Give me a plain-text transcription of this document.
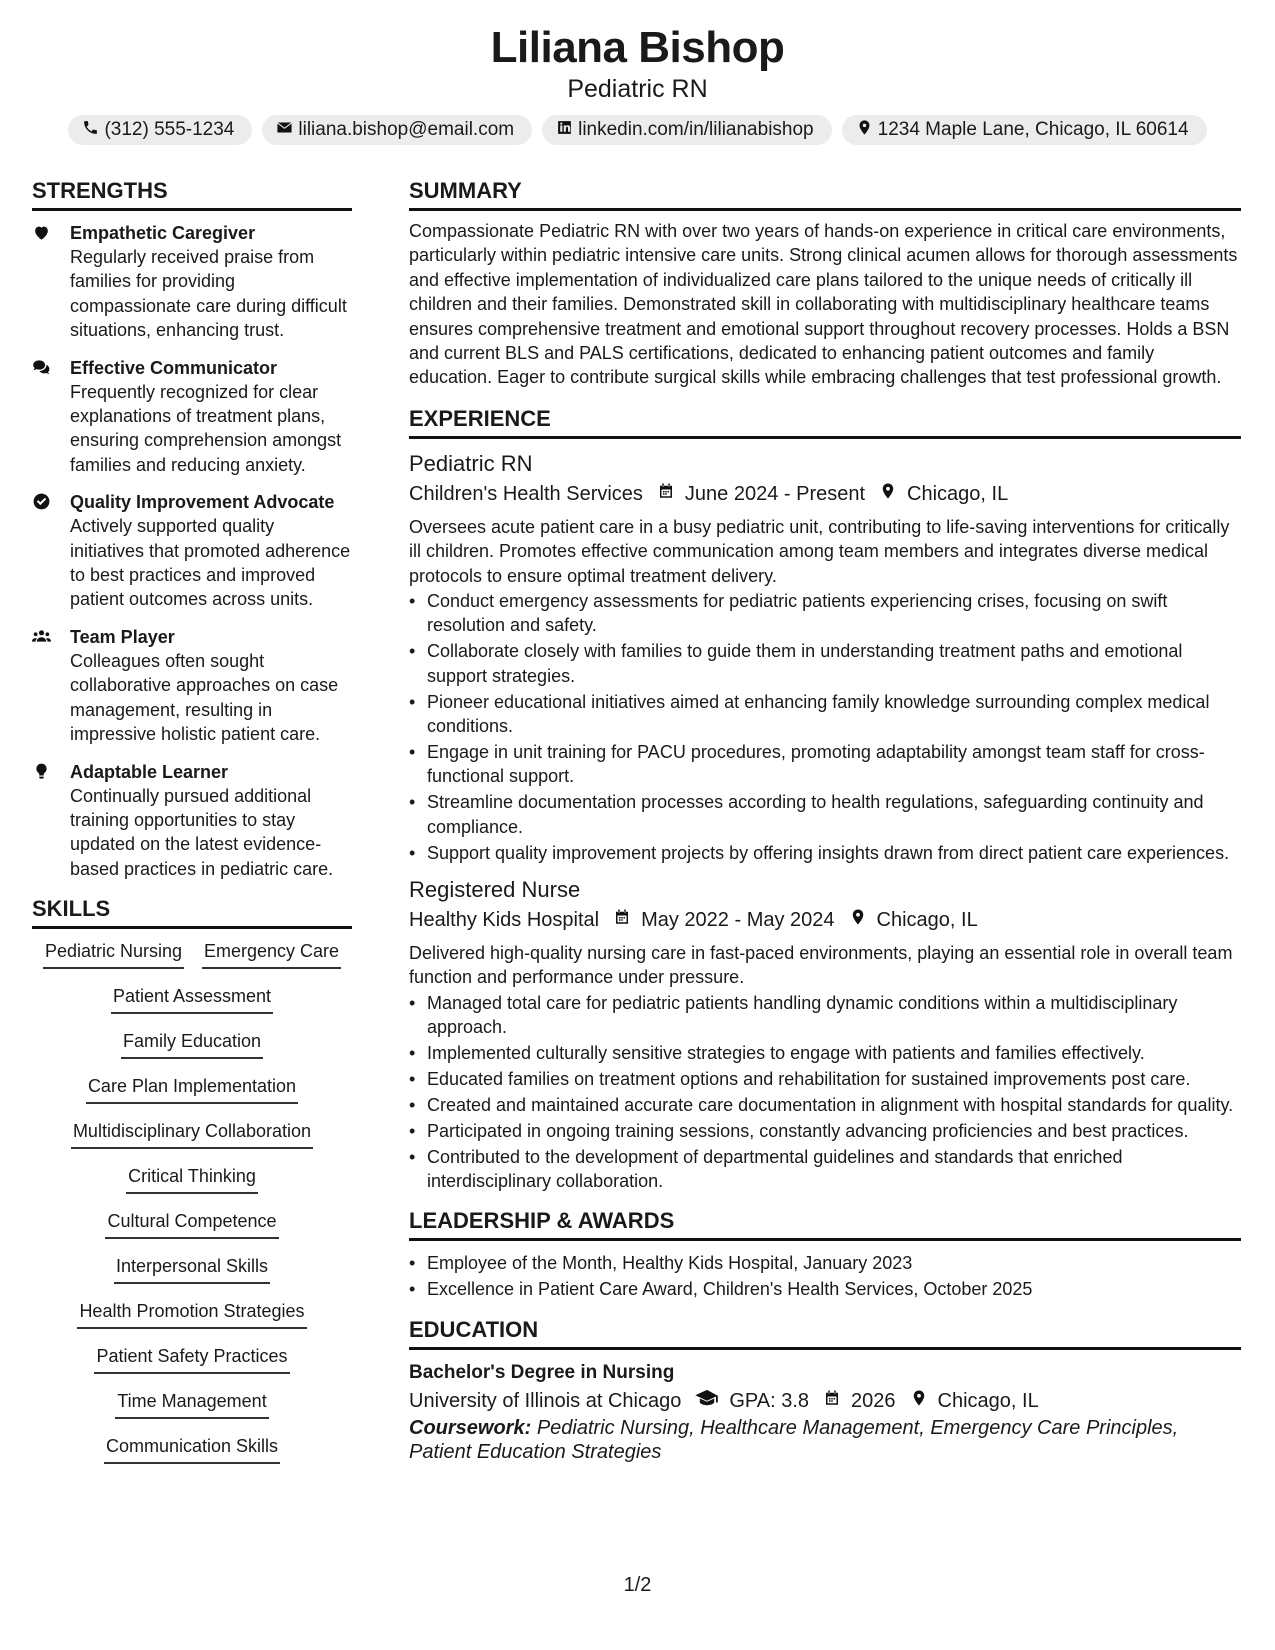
Liliana Bishop
Pediatric RN
(312) 555-1234	liliana.bishop@email.com	linkedin.com/in/lilianabishop	1234 Maple Lane, Chicago, IL 60614
STRENGTHS
Empathetic Caregiver
Regularly received praise from families for providing compassionate care during difficult situations, enhancing trust.
Effective Communicator
Frequently recognized for clear explanations of treatment plans, ensuring comprehension amongst families and reducing anxiety.
Quality Improvement Advocate
Actively supported quality initiatives that promoted adherence to best practices and improved patient outcomes across units.
Team Player
Colleagues often sought collaborative approaches on case management, resulting in impressive holistic patient care.
Adaptable Learner
Continually pursued additional training opportunities to stay updated on the latest evidence-based practices in pediatric care.
SKILLS
Pediatric Nursing Emergency Care
Patient Assessment
Family Education
Care Plan Implementation
Multidisciplinary Collaboration
Critical Thinking
Cultural Competence
Interpersonal Skills
Health Promotion Strategies
Patient Safety Practices
Time Management
Communication Skills
SUMMARY
Compassionate Pediatric RN with over two years of hands-on experience in critical care environments, particularly within pediatric intensive care units. Strong clinical acumen allows for thorough assessments and effective implementation of individualized care plans tailored to the unique needs of critically ill children and their families. Demonstrated skill in collaborating with multidisciplinary healthcare teams ensures comprehensive treatment and emotional support throughout recovery processes. Holds a BSN and current BLS and PALS certifications, dedicated to enhancing patient outcomes and family education. Eager to contribute surgical skills while embracing challenges that test professional growth.
EXPERIENCE
Pediatric RN
Children's Health Services June 2024 - Present Chicago, IL
Oversees acute patient care in a busy pediatric unit, contributing to life-saving interventions for critically ill children. Promotes effective communication among team members and integrates diverse medical protocols to ensure optimal treatment delivery.
• Conduct emergency assessments for pediatric patients experiencing crises, focusing on swift resolution and safety.
• Collaborate closely with families to guide them in understanding treatment paths and emotional support strategies.
• Pioneer educational initiatives aimed at enhancing family knowledge surrounding complex medical conditions.
• Engage in unit training for PACU procedures, promoting adaptability amongst team staff for cross-functional support.
• Streamline documentation processes according to health regulations, safeguarding continuity and compliance.
• Support quality improvement projects by offering insights drawn from direct patient care experiences.
Registered Nurse
Healthy Kids Hospital May 2022 - May 2024 Chicago, IL
Delivered high-quality nursing care in fast-paced environments, playing an essential role in overall team function and performance under pressure.
• Managed total care for pediatric patients handling dynamic conditions within a multidisciplinary approach.
• Implemented culturally sensitive strategies to engage with patients and families effectively.
• Educated families on treatment options and rehabilitation for sustained improvements post care.
• Created and maintained accurate care documentation in alignment with hospital standards for quality.
• Participated in ongoing training sessions, constantly advancing proficiencies and best practices.
• Contributed to the development of departmental guidelines and standards that enriched interdisciplinary collaboration.
LEADERSHIP & AWARDS
• Employee of the Month, Healthy Kids Hospital, January 2023
• Excellence in Patient Care Award, Children's Health Services, October 2025
EDUCATION
Bachelor's Degree in Nursing
University of Illinois at Chicago GPA: 3.8 2026 Chicago, IL
Coursework: Pediatric Nursing, Healthcare Management, Emergency Care Principles, Patient Education Strategies
1/2
